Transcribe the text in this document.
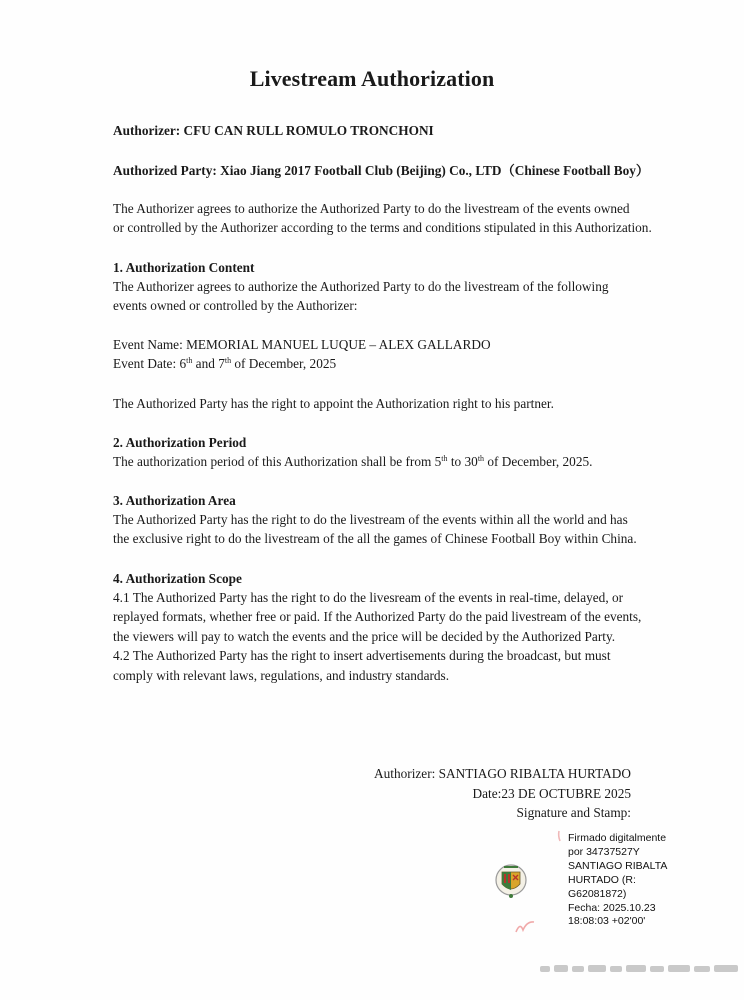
Livestream Authorization
Authorizer: CFU CAN RULL ROMULO TRONCHONI
Authorized Party: Xiao Jiang 2017 Football Club (Beijing) Co., LTD（Chinese Football Boy）
The Authorizer agrees to authorize the Authorized Party to do the livestream of the events owned
or controlled by the Authorizer according to the terms and conditions stipulated in this Authorization.
1. Authorization Content
The Authorizer agrees to authorize the Authorized Party to do the livestream of the following
events owned or controlled by the Authorizer:
Event Name: MEMORIAL MANUEL LUQUE – ALEX GALLARDO
Event Date: 6th and 7th of December, 2025
The Authorized Party has the right to appoint the Authorization right to his partner.
2. Authorization Period
The authorization period of this Authorization shall be from 5th to 30th of December, 2025.
3. Authorization Area
The Authorized Party has the right to do the livestream of the events within all the world and has
the exclusive right to do the livestream of the all the games of Chinese Football Boy within China.
4. Authorization Scope
4.1 The Authorized Party has the right to do the livesream of the events in real-time, delayed, or
replayed formats, whether free or paid. If the Authorized Party do the paid livestream of the events,
the viewers will pay to watch the events and the price will be decided by the Authorized Party.
4.2 The Authorized Party has the right to insert advertisements during the broadcast, but must
comply with relevant laws, regulations, and industry standards.
Authorizer: SANTIAGO RIBALTA HURTADO
Date:23 DE OCTUBRE 2025
Signature and Stamp:
Firmado digitalmente
por 34737527Y
SANTIAGO RIBALTA
HURTADO (R:
G62081872)
Fecha: 2025.10.23
18:08:03 +02'00'
